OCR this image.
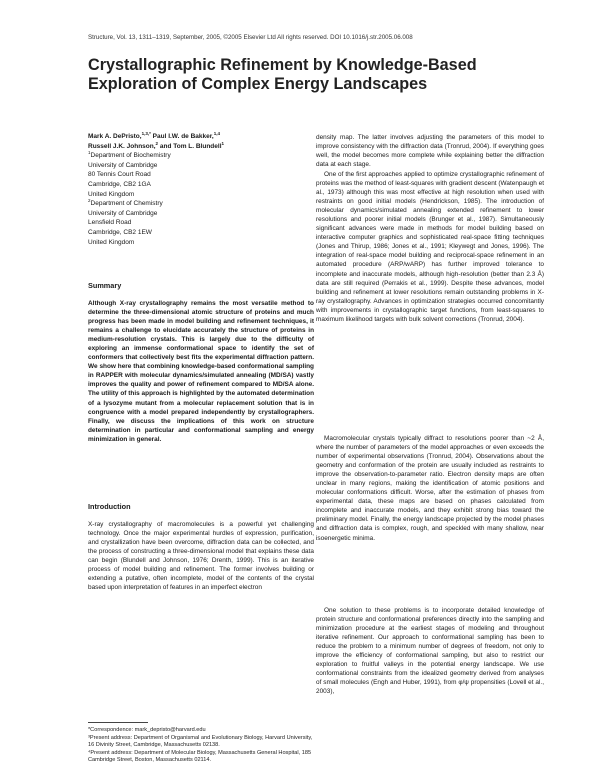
Structure, Vol. 13, 1311–1319, September, 2005, ©2005 Elsevier Ltd All rights reserved. DOI 10.1016/j.str.2005.06.008
Crystallographic Refinement by Knowledge-Based
Exploration of Complex Energy Landscapes
Mark A. DePristo,$^{1,3,*}$ Paul I.W. de Bakker,$^{1,4}$
Russell J.K. Johnson,$^2$ and Tom L. Blundell$^1$
$^1$Department of Biochemistry
University of Cambridge
80 Tennis Court Road
Cambridge, CB2 1GA
United Kingdom
$^2$Department of Chemistry
University of Cambridge
Lensfield Road
Cambridge, CB2 1EW
United Kingdom
Summary

Although X-ray crystallography remains the most versatile method to determine the three-dimensional atomic structure of proteins and much progress has been made in model building and refinement techniques, it remains a challenge to elucidate accurately the structure of proteins in medium-resolution crystals. This is largely due to the difficulty of exploring an immense conformational space to identify the set of conformers that collectively best fits the experimental diffraction pattern. We show here that combining knowledge-based conformational sampling in RAPPER with molecular dynamics/simulated annealing (MD/SA) vastly improves the quality and power of refinement compared to MD/SA alone. The utility of this approach is highlighted by the automated determination of a lysozyme mutant from a molecular replacement solution that is in congruence with a model prepared independently by crystallographers. Finally, we discuss the implications of this work on structure determination in particular and conformational sampling and energy minimization in general.

Introduction

X-ray crystallography of macromolecules is a powerful yet challenging technology. Once the major experimental hurdles of expression, purification, and crystallization have been overcome, diffraction data can be collected, and the process of constructing a three-dimensional model that explains these data can begin (Blundell and Johnson, 1976; Drenth, 1999). This is an iterative process of model building and refinement. The former involves building or extending a putative, often incomplete, model of the contents of the crystal based upon interpretation of features in an imperfect electron

*Correspondence: mark_depristo@harvard.edu
³Present address: Department of Organismal and Evolutionary Biology, Harvard University, 16 Divinity Street, Cambridge, Massachusetts 02138.
⁴Present address: Department of Molecular Biology, Massachusetts General Hospital, 185 Cambridge Street, Boston, Massachusetts 02114.

density map. The latter involves adjusting the parameters of this model to improve consistency with the diffraction data (Tronrud, 2004). If everything goes well, the model becomes more complete while explaining better the diffraction data at each stage.

One of the first approaches applied to optimize crystallographic refinement of proteins was the method of least-squares with gradient descent (Watenpaugh et al., 1973) although this was most effective at high resolution when used with restraints on good initial models (Hendrickson, 1985). The introduction of molecular dynamics/simulated annealing extended refinement to lower resolutions and poorer initial models (Brunger et al., 1987). Simultaneously significant advances were made in methods for model building based on interactive computer graphics and sophisticated real-space fitting techniques (Jones and Thirup, 1986; Jones et al., 1991; Kleywegt and Jones, 1996). The integration of real-space model building and reciprocal-space refinement in an automated procedure (ARP/wARP) has further improved tolerance to incomplete and inaccurate models, although high-resolution (better than 2.3 Å) data are still required (Perrakis et al., 1999). Despite these advances, model building and refinement at lower resolutions remain outstanding problems in X-ray crystallography. Advances in optimization strategies occurred concomitantly with improvements in crystallographic target functions, from least-squares to maximum likelihood targets with bulk solvent corrections (Tronrud, 2004).

Macromolecular crystals typically diffract to resolutions poorer than ~2 Å, where the number of parameters of the model approaches or even exceeds the number of experimental observations (Tronrud, 2004). Observations about the geometry and conformation of the protein are usually included as restraints to improve the observation-to-parameter ratio. Electron density maps are often unclear in many regions, making the identification of atomic positions and molecular conformations difficult. Worse, after the estimation of phases from experimental data, these maps are based on phases calculated from incomplete and inaccurate models, and they exhibit strong bias toward the preliminary model. Finally, the energy landscape projected by the model phases and diffraction data is complex, rough, and speckled with many shallow, near isoenergetic minima.

One solution to these problems is to incorporate detailed knowledge of protein structure and conformational preferences directly into the sampling and minimization procedure at the earliest stages of modeling and throughout iterative refinement. Our approach to conformational sampling has been to reduce the problem to a minimum number of degrees of freedom, not only to improve the efficiency of conformational sampling, but also to restrict our exploration to fruitful valleys in the potential energy landscape. We use conformational constraints from the idealized geometry derived from analyses of small molecules (Engh and Huber, 1991), from φ/ψ propensities (Lovell et al., 2003),
